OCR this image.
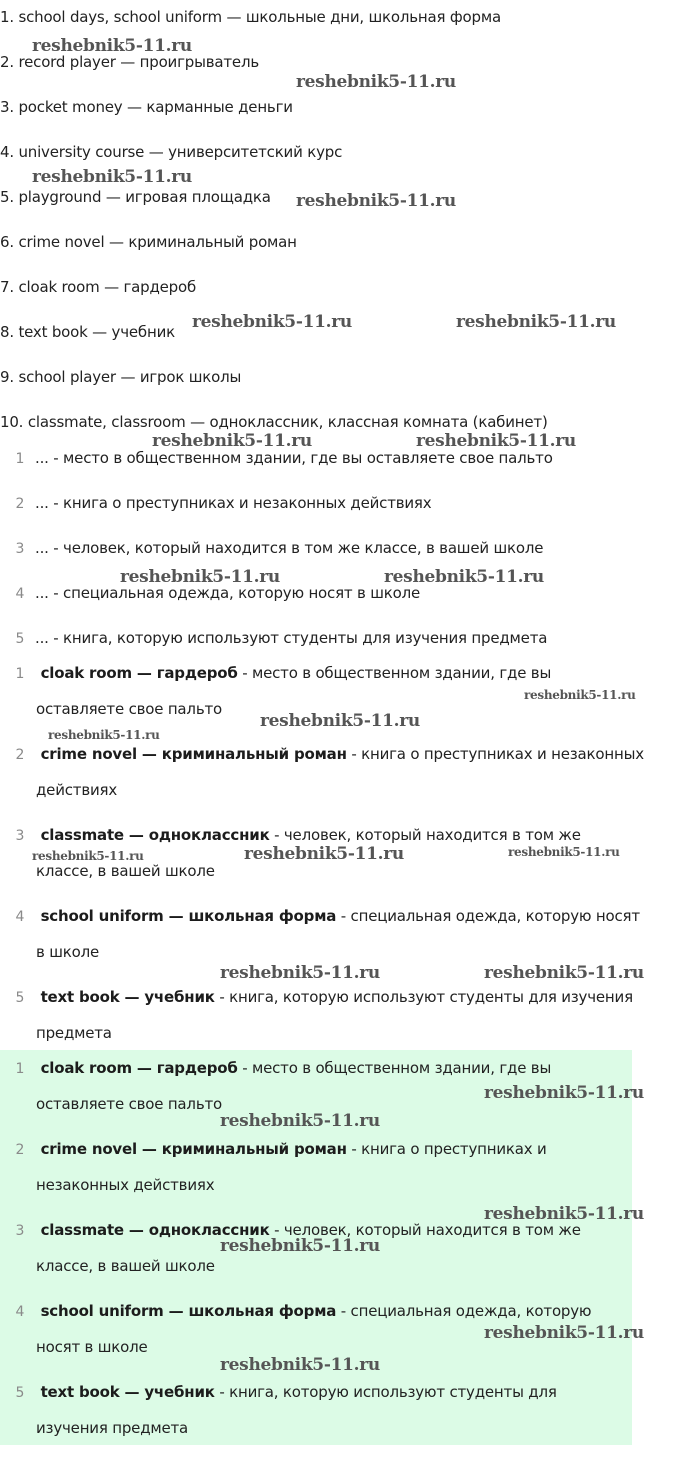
1. school days, school uniform — школьные дни, школьная форма
2. record player — проигрыватель
3. pocket money — карманные деньги
4. university course — университетский курс
5. playground — игровая площадка
6. crime novel — криминальный роман
7. cloak room — гардероб
8. text book — учебник
9. school player — игрок школы
10. classmate, classroom — одноклассник, классная комната (кабинет)
1 ... - место в общественном здании, где вы оставляете свое пальто
2 ... - книга о преступниках и незаконных действиях
3 ... - человек, который находится в том же классе, в вашей школе
4 ... - специальная одежда, которую носят в школе
5 ... - книга, которую используют студенты для изучения предмета
1	cloak room — гардероб - место в общественном здании, где вы
оставляете свое пальто
2	crime novel — криминальный роман - книга о преступниках и незаконных
действиях
3	classmate — одноклассник - человек, который находится в том же
классе, в вашей школе
4	school uniform — школьная форма - специальная одежда, которую носят
в школе
5	text book — учебник - книга, которую используют студенты для изучения
предмета
1	cloak room — гардероб - место в общественном здании, где вы
оставляете свое пальто
2	crime novel — криминальный роман - книга о преступниках и
незаконных действиях
3	classmate — одноклассник - человек, который находится в том же
классе, в вашей школе
4	school uniform — школьная форма - специальная одежда, которую
носят в школе
5	text book — учебник - книга, которую используют студенты для
изучения предмета
reshebnik5-11.ru
reshebnik5-11.ru
reshebnik5-11.ru
reshebnik5-11.ru
reshebnik5-11.ru	reshebnik5-11.ru
reshebnik5-11.ru	reshebnik5-11.ru
reshebnik5-11.ru	reshebnik5-11.ru
reshebnik5-11.ru
reshebnik5-11.ru
reshebnik5-11.ru
reshebnik5-11.ru	reshebnik5-11.ru	reshebnik5-11.ru
reshebnik5-11.ru	reshebnik5-11.ru
reshebnik5-11.ru
reshebnik5-11.ru
reshebnik5-11.ru
reshebnik5-11.ru
reshebnik5-11.ru
reshebnik5-11.ru
